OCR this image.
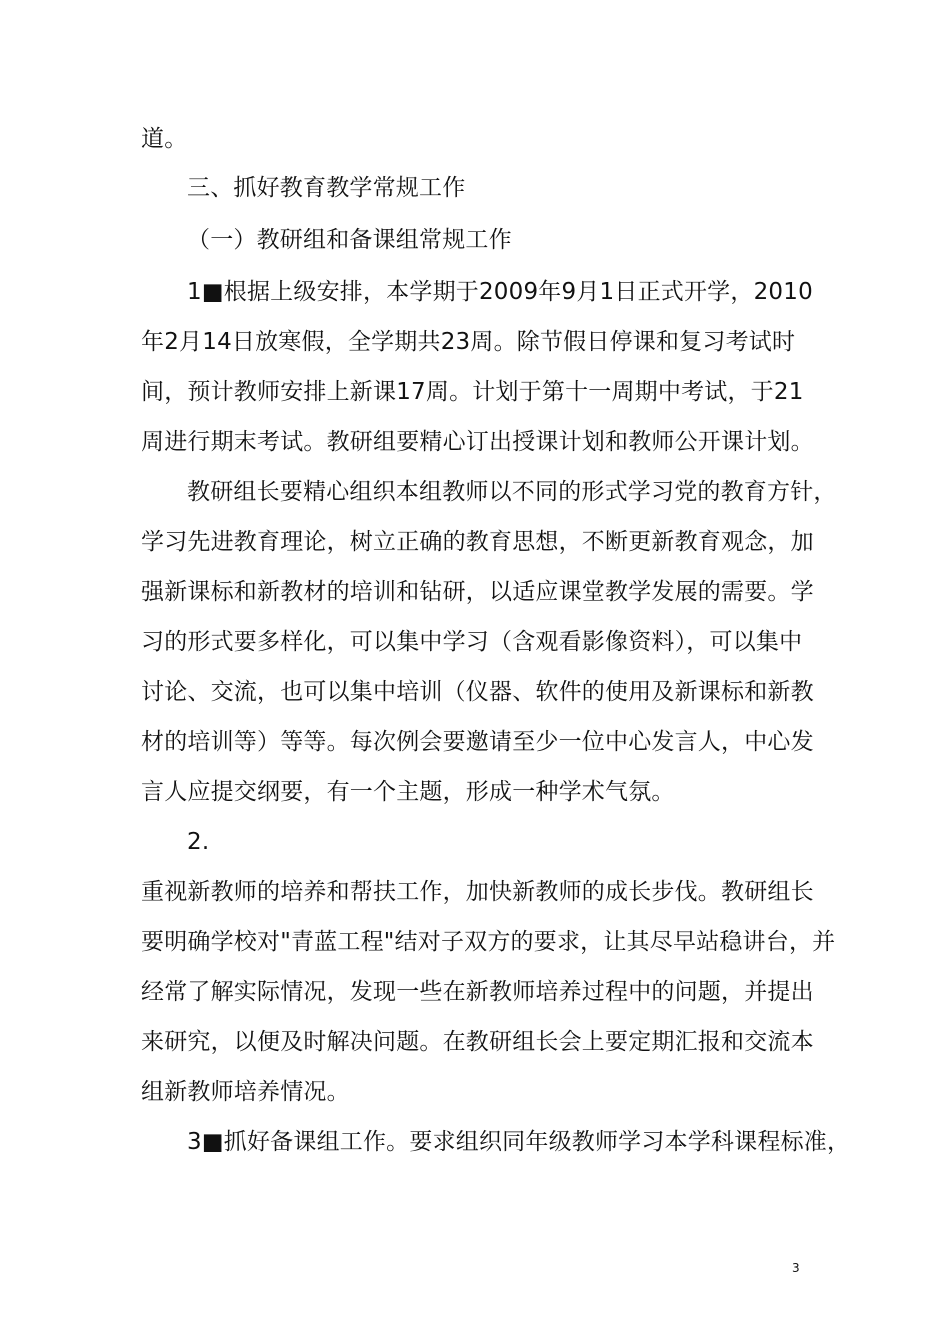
道。
三、抓好教育教学常规工作
（一）教研组和备课组常规工作
1■根据上级安排，本学期于2009年9月1日正式开学，2010
年2月14日放寒假，全学期共23周。除节假日停课和复习考试时
间，预计教师安排上新课17周。计划于第十一周期中考试，于21
周进行期末考试。教研组要精心订出授课计划和教师公开课计划。
教研组长要精心组织本组教师以不同的形式学习党的教育方针，
学习先进教育理论，树立正确的教育思想，不断更新教育观念，加
强新课标和新教材的培训和钻研，以适应课堂教学发展的需要。学
习的形式要多样化，可以集中学习（含观看影像资料），可以集中
讨论、交流，也可以集中培训（仪器、软件的使用及新课标和新教
材的培训等）等等。每次例会要邀请至少一位中心发言人，中心发
言人应提交纲要，有一个主题，形成一种学术气氛。
2.
重视新教师的培养和帮扶工作，加快新教师的成长步伐。教研组长
要明确学校对"青蓝工程"结对子双方的要求，让其尽早站稳讲台，并
经常了解实际情况，发现一些在新教师培养过程中的问题，并提出
来研究，以便及时解决问题。在教研组长会上要定期汇报和交流本
组新教师培养情况。
3■抓好备课组工作。要求组织同年级教师学习本学科课程标准，
3
